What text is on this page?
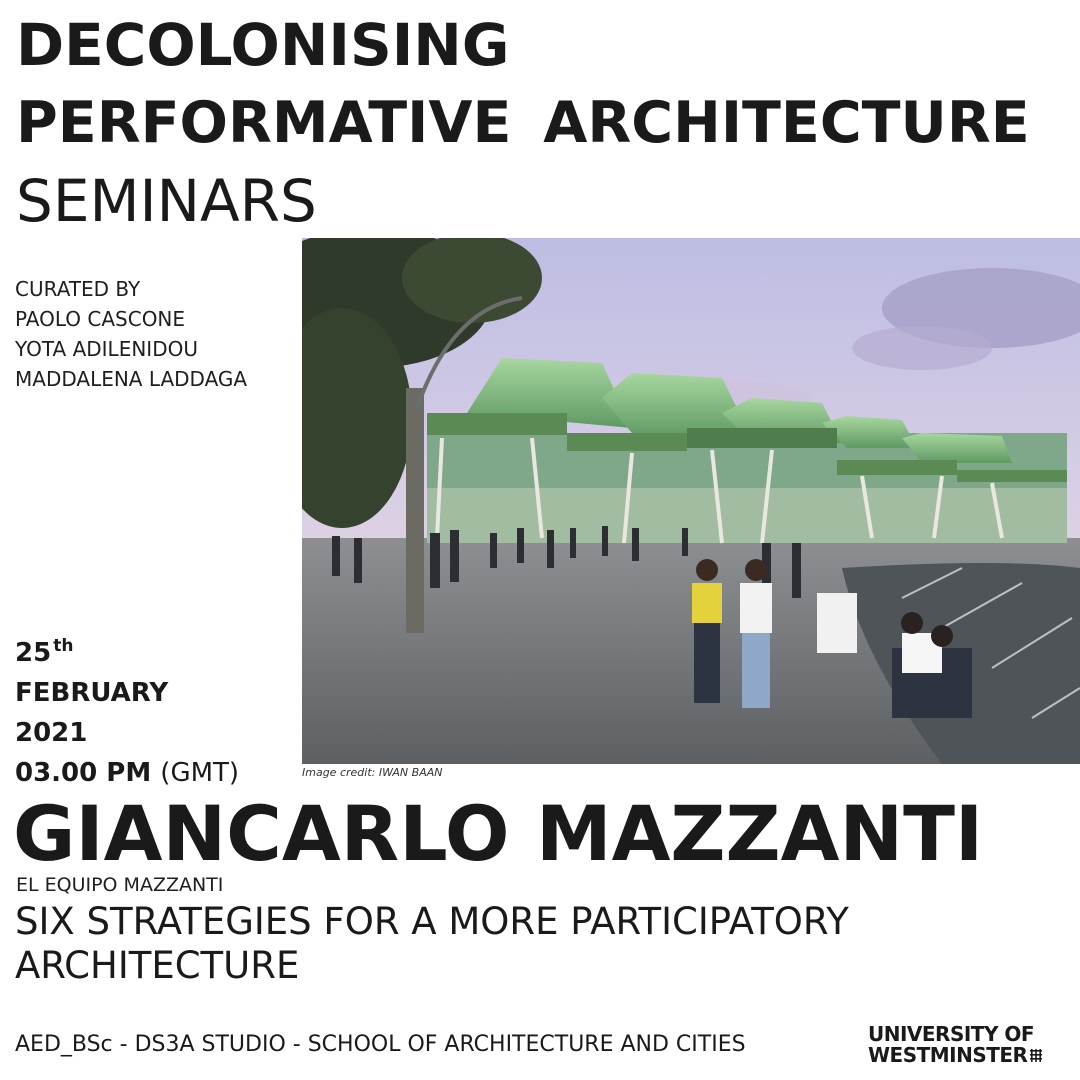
DECOLONISING
PERFORMATIVE ARCHITECTURE
SEMINARS
CURATED BY
PAOLO CASCONE
YOTA ADILENIDOU
MADDALENA LADDAGA
Image credit: IWAN BAAN
25 $^{th}$
FEBRUARY
2021
03.00 PM (GMT)
GIANCARLO MAZZANTI
EL EQUIPO MAZZANTI
SIX STRATEGIES FOR A MORE PARTICIPATORY
ARCHITECTURE
AED_BSc - DS3A STUDIO - SCHOOL OF ARCHITECTURE AND CITIES	UNIVERSITY OF
WESTMINSTER
